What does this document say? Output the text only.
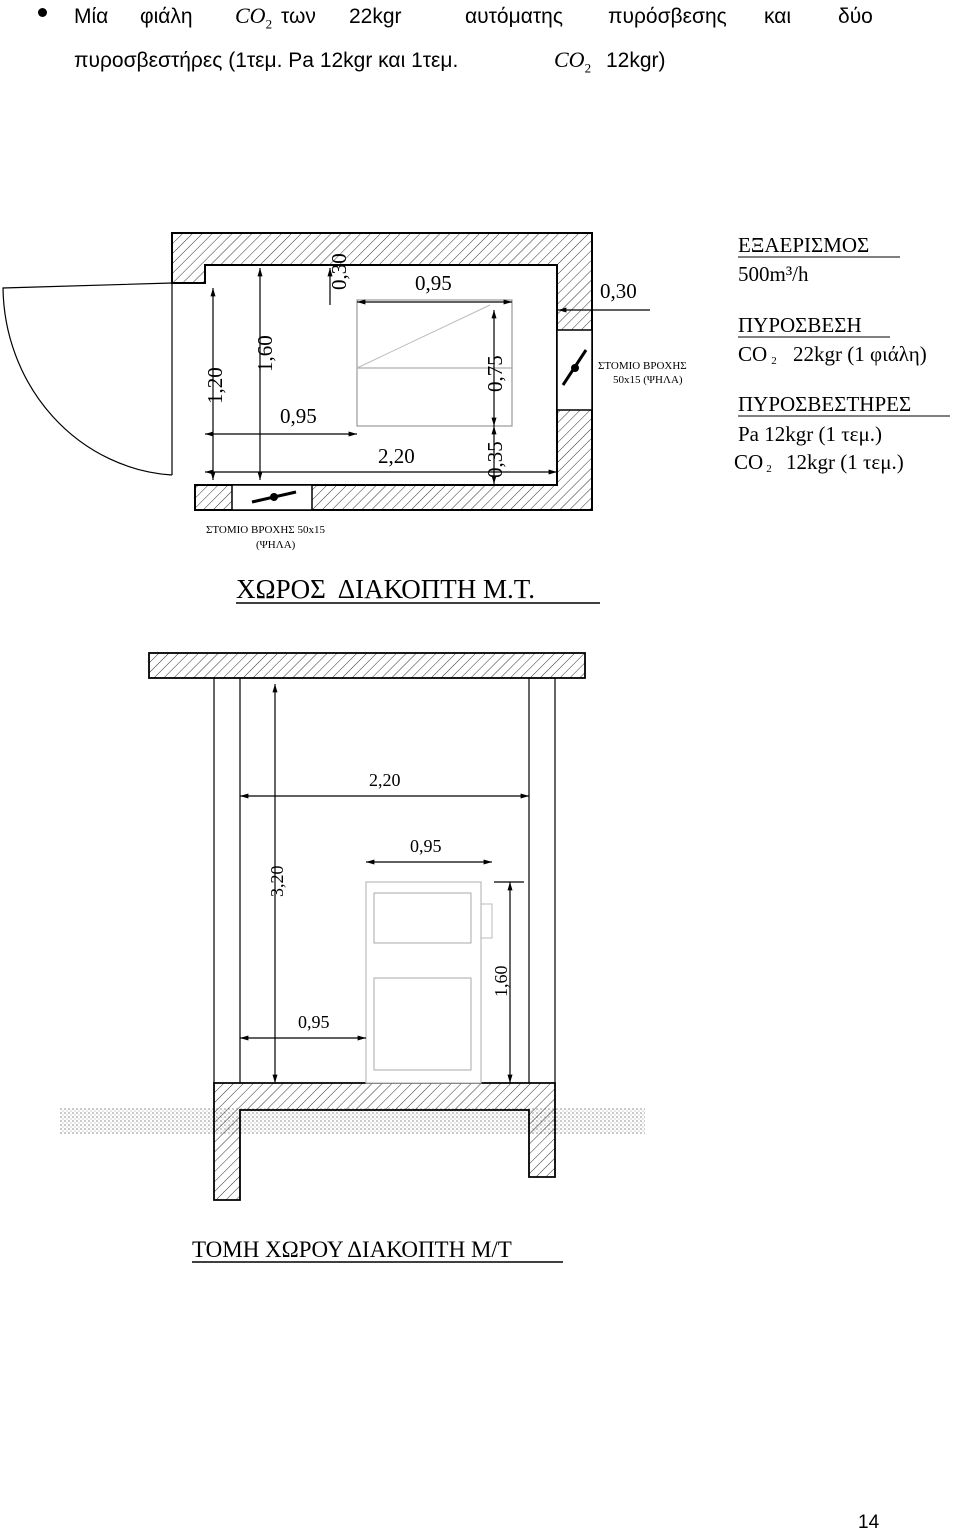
Μία φιάλη $CO_2$ των 22kgr	αυτόματης πυρόσβεσης και δύο
πυροσβεστήρες (1τεμ. Pa 12kgr και 1τεμ.	$CO_2$ 12kgr)
0,30	0,95	0,30
1,60
1,20	0,75
0,95
2,20	0,35
ΣΤΟΜΙΟ ΒΡΟΧΗΣ
50x15 (ΨΗΛΑ)
ΣΤΟΜΙΟ ΒΡΟΧΗΣ 50x15
(ΨΗΛΑ)
ΧΩΡΟΣ  ΔΙΑΚΟΠΤΗ Μ.Τ.
ΕΞΑΕΡΙΣΜΟΣ
500m³/h
ΠΥΡΟΣΒΕΣΗ
CO 2 22kgr (1 φιάλη)
ΠΥΡΟΣΒΕΣΤΗΡΕΣ
Pa 12kgr (1 τεμ.)
CO 2 12kgr (1 τεμ.)
2,20
0,95
3,20
1,60
0,95
ΤΟΜΗ ΧΩΡΟΥ ΔΙΑΚΟΠΤΗ Μ/Τ
14
